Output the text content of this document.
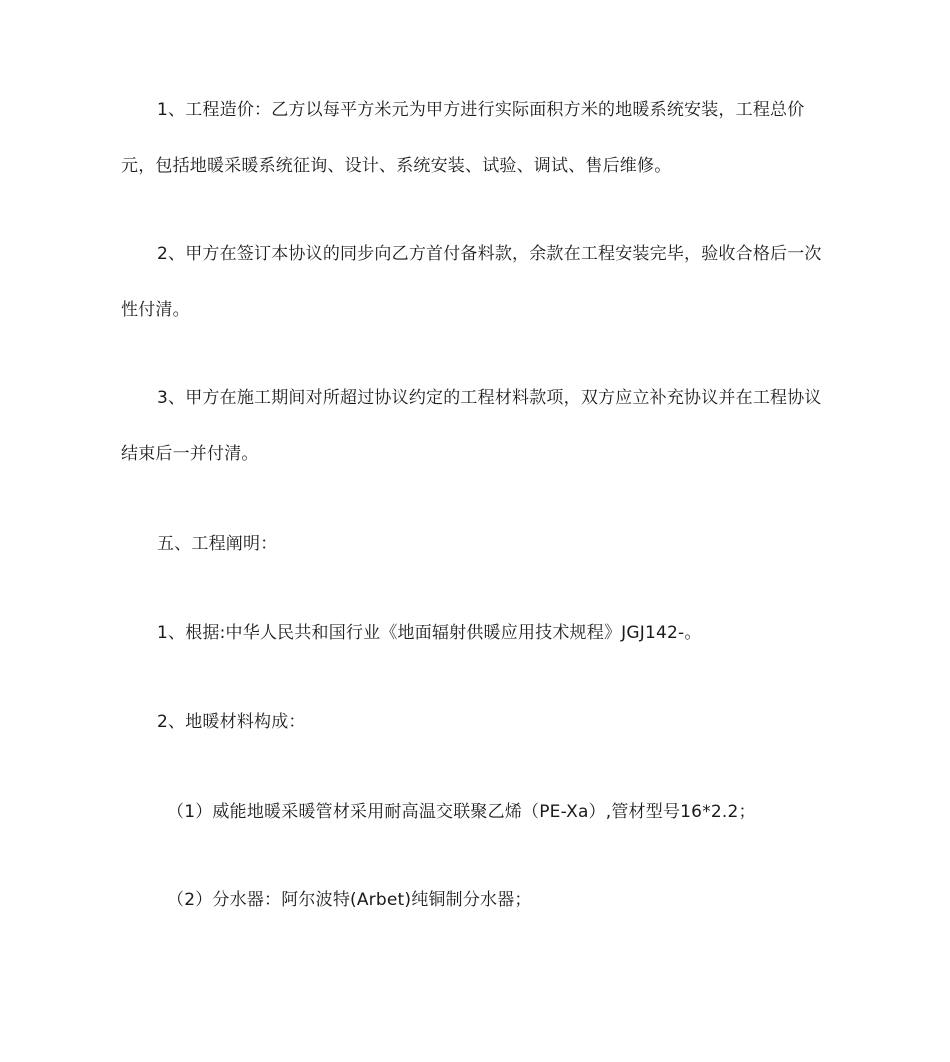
1、工程造价：乙方以每平方米元为甲方进行实际面积方米的地暖系统安装，工程总价元，包括地暖采暖系统征询、设计、系统安装、试验、调试、售后维修。

2、甲方在签订本协议的同步向乙方首付备料款，余款在工程安装完毕，验收合格后一次性付清。

3、甲方在施工期间对所超过协议约定的工程材料款项，双方应立补充协议并在工程协议结束后一并付清。

五、工程阐明：

1、根据:中华人民共和国行业《地面辐射供暖应用技术规程》JGJ142-。

2、地暖材料构成：

（1）威能地暖采暖管材采用耐高温交联聚乙烯（PE-Xa）,管材型号16*2.2；

（2）分水器：阿尔波特(Arbet)纯铜制分水器；
